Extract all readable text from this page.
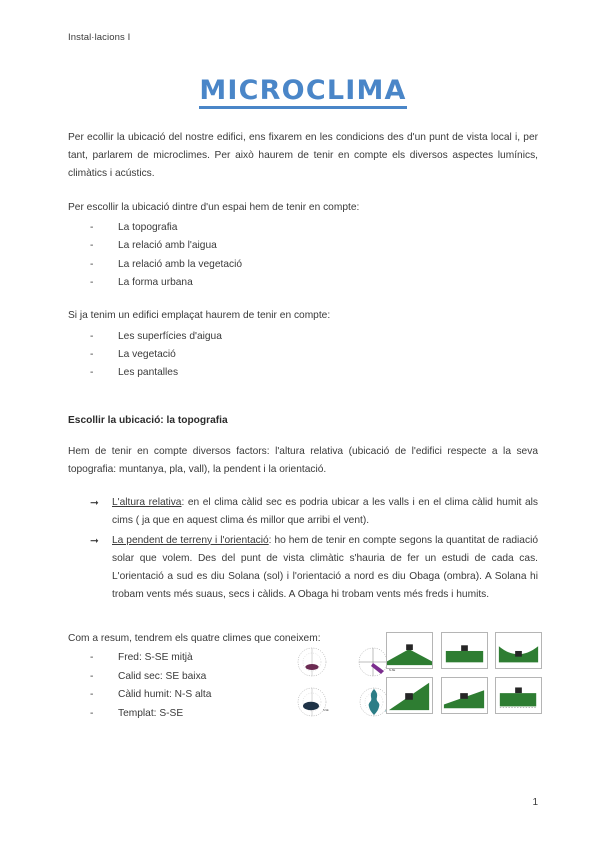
Instal·lacions I
MICROCLIMA

Per ecollir la ubicació del nostre edifici, ens fixarem en les condicions des d'un punt de vista local i, per tant, parlarem de microclimes. Per això haurem de tenir en compte els diversos aspectes lumínics, climàtics i acústics.

Per escollir la ubicació dintre d'un espai hem de tenir en compte:

- La topografia
- La relació amb l'aigua
- La relació amb la vegetació
- La forma urbana

Si ja tenim un edifici emplaçat haurem de tenir en compte:

- Les superfícies d'aigua
- La vegetació
- Les pantalles
Escollir la ubicació: la topografia

Hem de tenir en compte diversos factors: l'altura relativa (ubicació de l'edifici respecte a la seva topografia: muntanya, pla, vall), la pendent i la orientació.

➞ L'altura relativa: en el clima càlid sec es podria ubicar a les valls i en el clima càlid humit als cims ( ja que en aquest clima és millor que arribi el vent).
➞ La pendent de terreny i l'orientació: ho hem de tenir en compte segons la quantitat de radiació solar que volem. Des del punt de vista climàtic s'hauria de fer un estudi de cada cas. L'orientació a sud es diu Solana (sol) i l'orientació a nord es diu Obaga (ombra). A Solana hi trobam vents més suaus, secs i càlids. A Obaga hi trobam vents més freds i humits.

Com a resum, tendrem els quatre climes que coneixem:

- Fred: S-SE mitjà
- Calid sec: SE baixa
- Càlid humit: N-S alta
- Templat: S-SE
N-SE
S-SE
1
